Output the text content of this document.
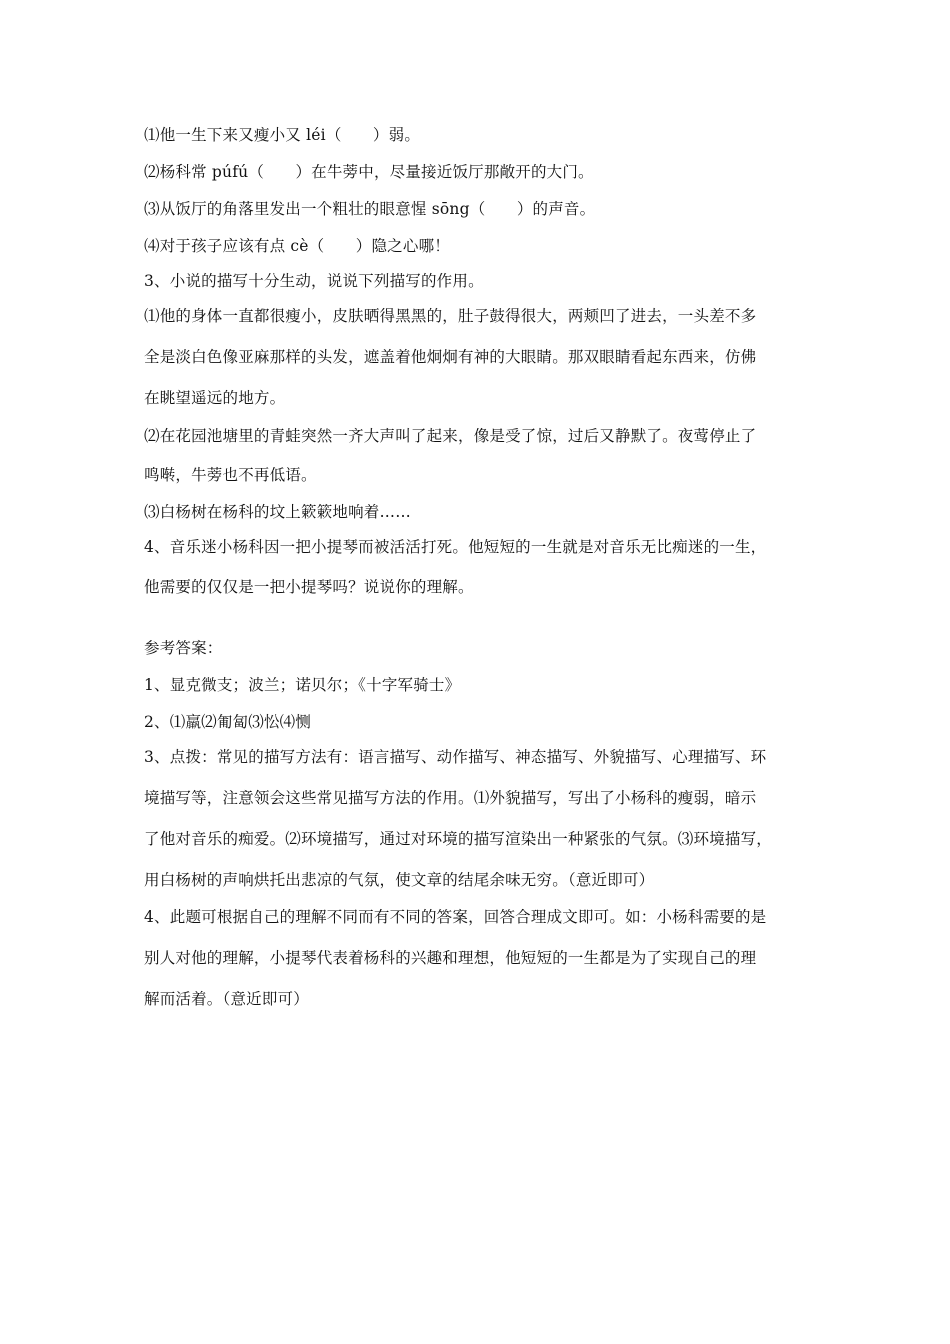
⑴他一生下来又瘦小又 léi（　　）弱。
⑵杨科常 púfú（　　）在牛蒡中，尽量接近饭厅那敞开的大门。
⑶从饭厅的角落里发出一个粗壮的眼意惺 sōng（　　）的声音。
⑷对于孩子应该有点 cè（　　）隐之心哪！
3、小说的描写十分生动，说说下列描写的作用。
⑴他的身体一直都很瘦小，皮肤晒得黑黑的，肚子鼓得很大，两颊凹了进去，一头差不多
全是淡白色像亚麻那样的头发，遮盖着他炯炯有神的大眼睛。那双眼睛看起东西来，仿佛
在眺望遥远的地方。
⑵在花园池塘里的青蛙突然一齐大声叫了起来，像是受了惊，过后又静默了。夜莺停止了
鸣啭，牛蒡也不再低语。
⑶白杨树在杨科的坟上簌簌地响着……
4、音乐迷小杨科因一把小提琴而被活活打死。他短短的一生就是对音乐无比痴迷的一生，
他需要的仅仅是一把小提琴吗？说说你的理解。
参考答案：
1、显克微支；波兰；诺贝尔；《十字军骑士》
2、⑴羸⑵匍匐⑶忪⑷恻
3、点拨：常见的描写方法有：语言描写、动作描写、神态描写、外貌描写、心理描写、环
境描写等，注意领会这些常见描写方法的作用。⑴外貌描写，写出了小杨科的瘦弱，暗示
了他对音乐的痴爱。⑵环境描写，通过对环境的描写渲染出一种紧张的气氛。⑶环境描写，
用白杨树的声响烘托出悲凉的气氛，使文章的结尾余味无穷。（意近即可）
4、此题可根据自己的理解不同而有不同的答案，回答合理成文即可。如：小杨科需要的是
别人对他的理解，小提琴代表着杨科的兴趣和理想，他短短的一生都是为了实现自己的理
解而活着。（意近即可）
